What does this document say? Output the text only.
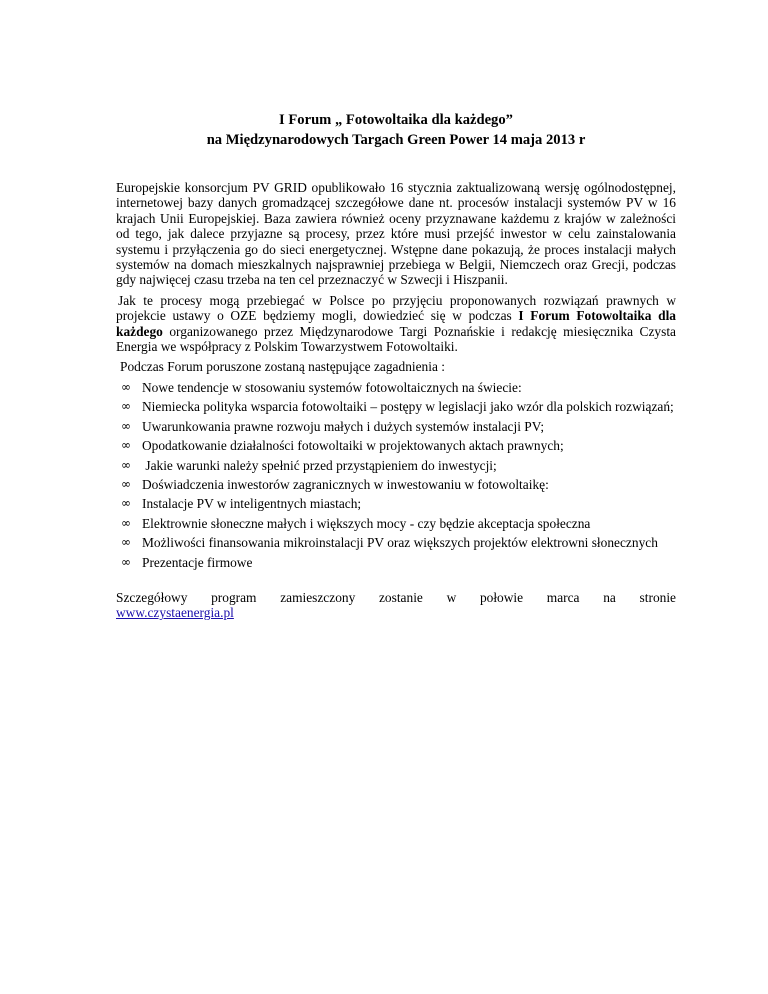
I Forum „ Fotowoltaika dla każdego”
na Międzynarodowych Targach Green Power 14 maja 2013 r

Europejskie konsorcjum PV GRID opublikowało 16 stycznia zaktualizowaną wersję ogólnodostępnej, internetowej bazy danych gromadzącej szczegółowe dane nt. procesów instalacji systemów PV w 16 krajach Unii Europejskiej. Baza zawiera również oceny przyznawane każdemu z krajów w zależności od tego, jak dalece przyjazne są procesy, przez które musi przejść inwestor w celu zainstalowania systemu i przyłączenia go do sieci energetycznej. Wstępne dane pokazują, że proces instalacji małych systemów na domach mieszkalnych najsprawniej przebiega w Belgii, Niemczech oraz Grecji, podczas gdy najwięcej czasu trzeba na ten cel przeznaczyć w Szwecji i Hiszpanii.

Jak te procesy mogą przebiegać w Polsce po przyjęciu proponowanych rozwiązań prawnych w projekcie ustawy o OZE będziemy mogli, dowiedzieć się w podczas I Forum Fotowoltaika dla każdego organizowanego przez Międzynarodowe Targi Poznańskie i redakcję miesięcznika Czysta Energia we współpracy z Polskim Towarzystwem Fotowoltaiki.

Podczas Forum poruszone zostaną następujące zagadnienia :

∞ Nowe tendencje w stosowaniu systemów fotowoltaicznych na świecie:
∞ Niemiecka polityka wsparcia fotowoltaiki – postępy w legislacji jako wzór dla polskich rozwiązań;
∞ Uwarunkowania prawne rozwoju małych i dużych systemów instalacji PV;
∞ Opodatkowanie działalności fotowoltaiki w projektowanych aktach prawnych;
∞ Jakie warunki należy spełnić przed przystąpieniem do inwestycji;
∞ Doświadczenia inwestorów zagranicznych w inwestowaniu w fotowoltaikę:
∞ Instalacje PV w inteligentnych miastach;
∞ Elektrownie słoneczne małych i większych mocy - czy będzie akceptacja społeczna
∞ Możliwości finansowania mikroinstalacji PV oraz większych projektów elektrowni słonecznych
∞ Prezentacje firmowe
Szczegółowy program zamieszczony zostanie w połowie marca na stronie
www.czystaenergia.pl
